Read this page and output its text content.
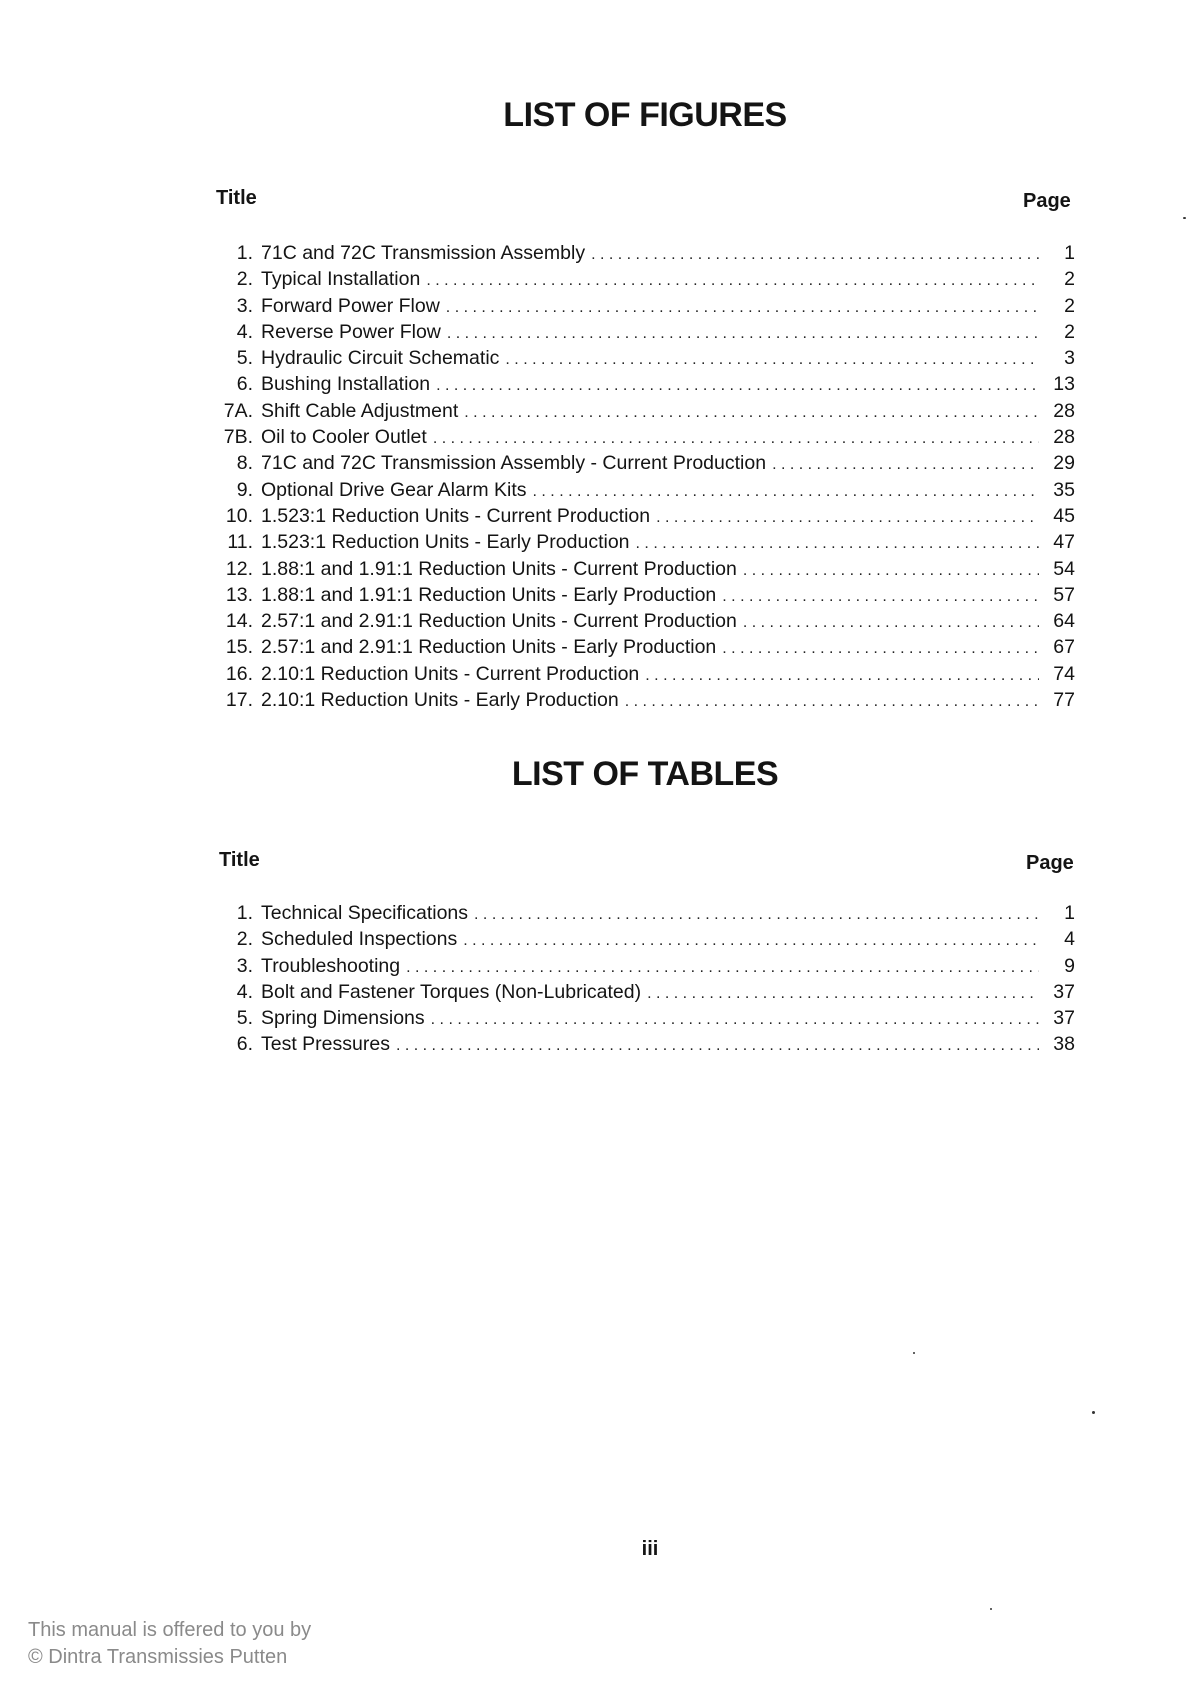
LIST OF FIGURES
Title	Page
1. 71C and 72C Transmission Assembly . . .	1
2. Typical Installation . . .	2
3. Forward Power Flow . . .	2
4. Reverse Power Flow . . .	2
5. Hydraulic Circuit Schematic . . .	3
6. Bushing Installation . . .	13
7A. Shift Cable Adjustment . . .	28
7B. Oil to Cooler Outlet . . .	28
8. 71C and 72C Transmission Assembly - Current Production . . .	29
9. Optional Drive Gear Alarm Kits . . .	35
10. 1.523:1 Reduction Units - Current Production . . .	45
11. 1.523:1 Reduction Units - Early Production . . .	47
12. 1.88:1 and 1.91:1 Reduction Units - Current Production . . .	54
13. 1.88:1 and 1.91:1 Reduction Units - Early Production . . .	57
14. 2.57:1 and 2.91:1 Reduction Units - Current Production . . .	64
15. 2.57:1 and 2.91:1 Reduction Units - Early Production . . .	67
16. 2.10:1 Reduction Units - Current Production . . .	74
17. 2.10:1 Reduction Units - Early Production . . .	77
LIST OF TABLES
Title	Page
1. Technical Specifications . . .	1
2. Scheduled Inspections . . .	4
3. Troubleshooting . . .	9
4. Bolt and Fastener Torques (Non-Lubricated) . . .	37
5. Spring Dimensions . . .	37
6. Test Pressures . . .	38
iii
This manual is offered to you by
© Dintra Transmissies Putten
